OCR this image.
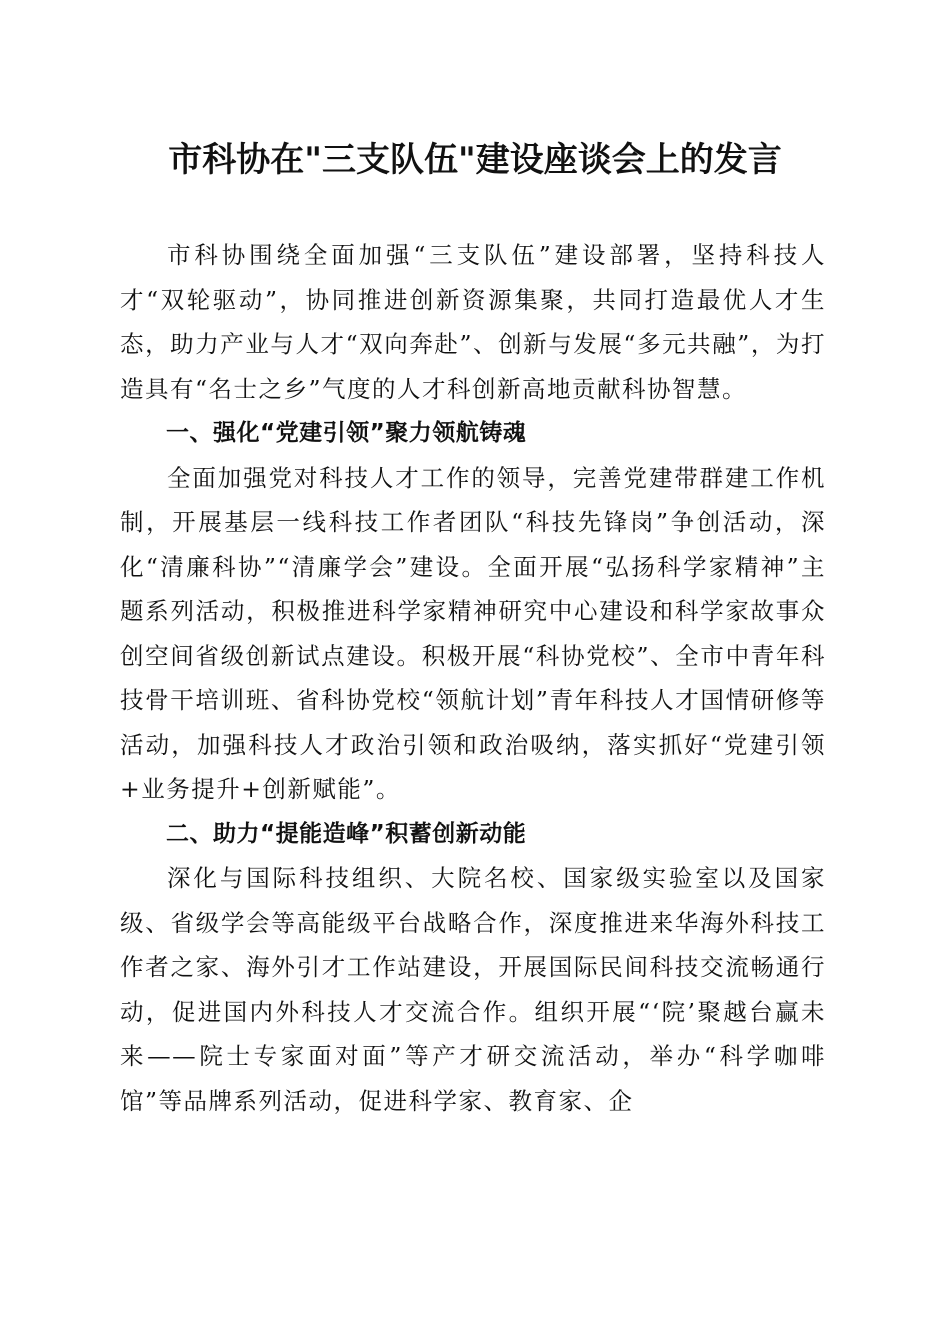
市科协在"三支队伍"建设座谈会上的发言

市科协围绕全面加强“三支队伍”建设部署，坚持科技人才“双轮驱动”，协同推进创新资源集聚，共同打造最优人才生态，助力产业与人才“双向奔赴”、创新与发展“多元共融”，为打造具有“名士之乡”气度的人才科创新高地贡献科协智慧。

一、强化“党建引领”聚力领航铸魂

全面加强党对科技人才工作的领导，完善党建带群建工作机制，开展基层一线科技工作者团队“科技先锋岗”争创活动，深化“清廉科协”“清廉学会”建设。全面开展“弘扬科学家精神”主题系列活动，积极推进科学家精神研究中心建设和科学家故事众创空间省级创新试点建设。积极开展“科协党校”、全市中青年科技骨干培训班、省科协党校“领航计划”青年科技人才国情研修等活动，加强科技人才政治引领和政治吸纳，落实抓好“党建引领+业务提升+创新赋能”。

二、助力“提能造峰”积蓄创新动能

深化与国际科技组织、大院名校、国家级实验室以及国家级、省级学会等高能级平台战略合作，深度推进来华海外科技工作者之家、海外引才工作站建设，开展国际民间科技交流畅通行动，促进国内外科技人才交流合作。组织开展“‘院’聚越台赢未来——院士专家面对面”等产才研交流活动，举办“科学咖啡馆”等品牌系列活动，促进科学家、教育家、企
